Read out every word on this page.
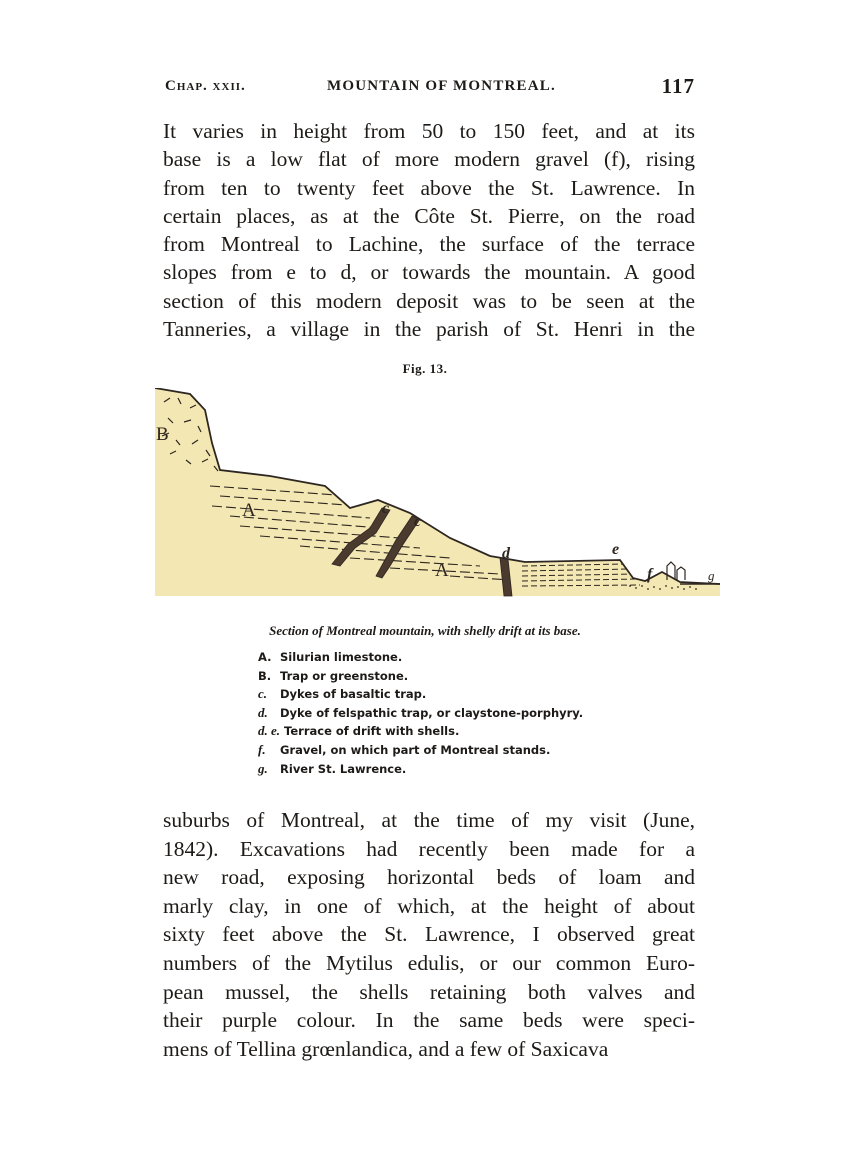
Chap. xxii.	MOUNTAIN OF MONTREAL.	117
It varies in height from 50 to 150 feet, and at its
base is a low flat of more modern gravel (f), rising
from ten to twenty feet above the St. Lawrence. In
certain places, as at the Côte St. Pierre, on the road
from Montreal to Lachine, the surface of the terrace
slopes from e to d, or towards the mountain. A good
section of this modern deposit was to be seen at the
Tanneries, a village in the parish of St. Henri in the
Fig. 13.
B
A
A
c
c
d	e
f	g
Section of Montreal mountain, with shelly drift at its base.
A. Silurian limestone.
B. Trap or greenstone.
c. Dykes of basaltic trap.
d. Dyke of felspathic trap, or claystone-porphyry.
d. e. Terrace of drift with shells.
f. Gravel, on which part of Montreal stands.
g. River St. Lawrence.
suburbs of Montreal, at the time of my visit (June,
1842). Excavations had recently been made for a
new road, exposing horizontal beds of loam and
marly clay, in one of which, at the height of about
sixty feet above the St. Lawrence, I observed great
numbers of the Mytilus edulis, or our common Euro-
pean mussel, the shells retaining both valves and
their purple colour. In the same beds were speci-
mens of Tellina grœnlandica, and a few of Saxicava
